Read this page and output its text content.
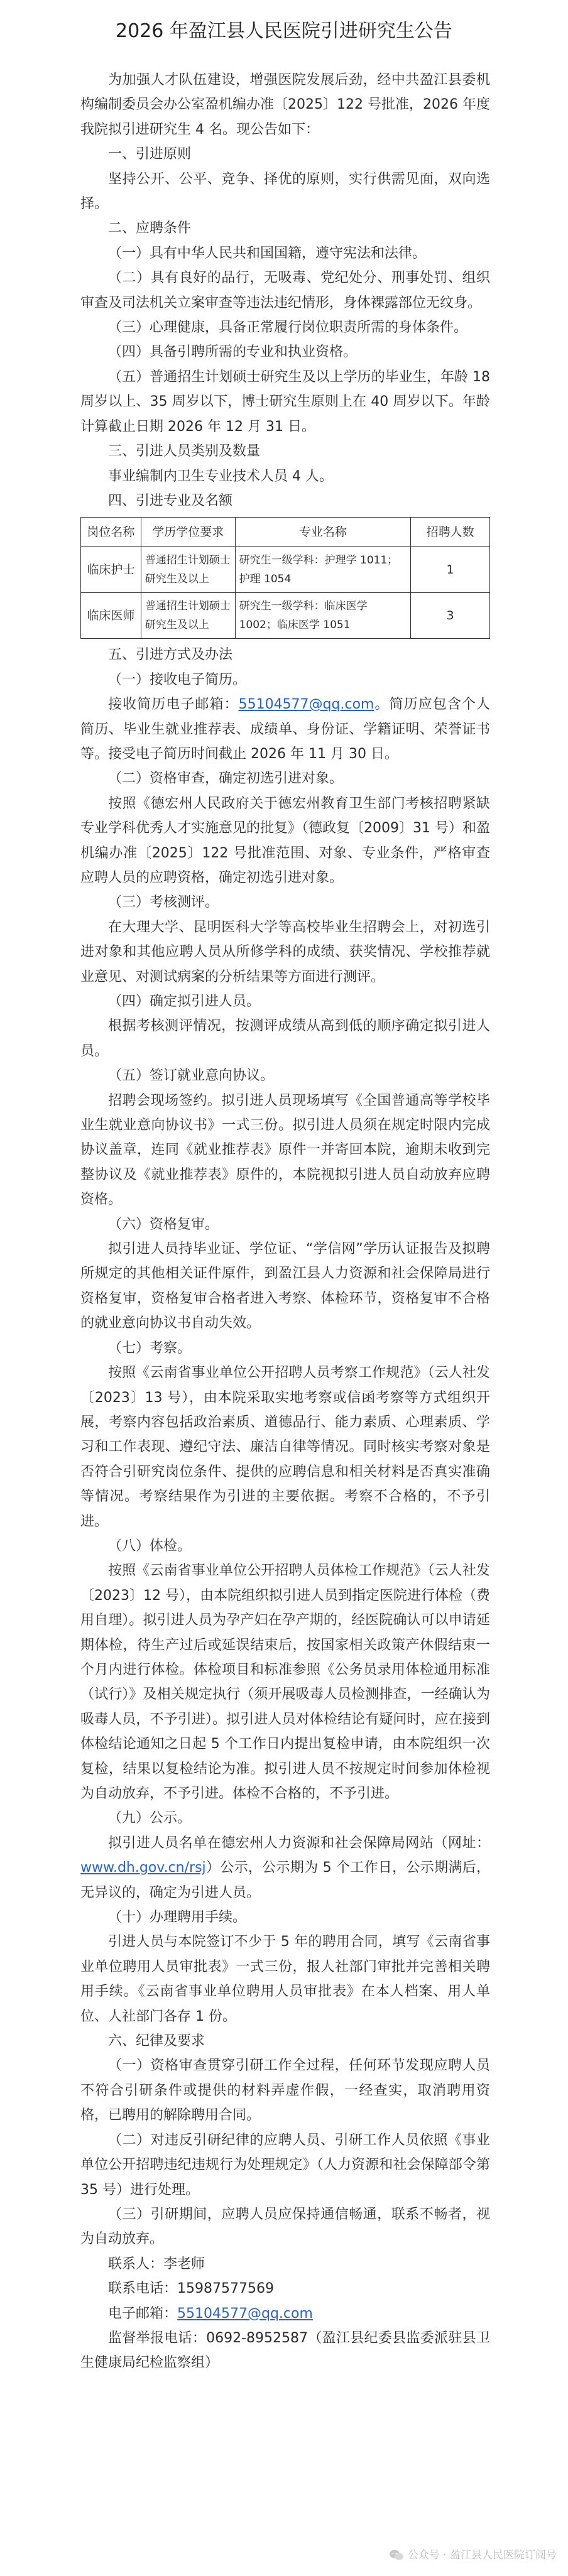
2026 年盈江县人民医院引进研究生公告

为加强人才队伍建设，增强医院发展后劲，经中共盈江县委机构编制委员会办公室盈机编办准〔2025〕122 号批准，2026 年度我院拟引进研究生 4 名。现公告如下：

一、引进原则

坚持公开、公平、竞争、择优的原则，实行供需见面，双向选择。

二、应聘条件

（一）具有中华人民共和国国籍，遵守宪法和法律。

（二）具有良好的品行，无吸毒、党纪处分、刑事处罚、组织审查及司法机关立案审查等违法违纪情形，身体裸露部位无纹身。

（三）心理健康，具备正常履行岗位职责所需的身体条件。

（四）具备引聘所需的专业和执业资格。

（五）普通招生计划硕士研究生及以上学历的毕业生，年龄 18 周岁以上、35 周岁以下，博士研究生原则上在 40 周岁以下。年龄计算截止日期 2026 年 12 月 31 日。

三、引进人员类别及数量

事业编制内卫生专业技术人员 4 人。

四、引进专业及名额

岗位名称	学历学位要求	专业名称	招聘人数
临床护士	普通招生计划硕士研究生及以上	研究生一级学科：护理学 1011；护理 1054	1
临床医师	普通招生计划硕士研究生及以上	研究生一级学科：临床医学 1002；临床医学 1051	3

五、引进方式及办法

（一）接收电子简历。

接收简历电子邮箱：55104577@qq.com。简历应包含个人简历、毕业生就业推荐表、成绩单、身份证、学籍证明、荣誉证书等。接受电子简历时间截止 2026 年 11 月 30 日。

（二）资格审查，确定初选引进对象。

按照《德宏州人民政府关于德宏州教育卫生部门考核招聘紧缺专业学科优秀人才实施意见的批复》（德政复〔2009〕31 号）和盈机编办准〔2025〕122 号批准范围、对象、专业条件，严格审查应聘人员的应聘资格，确定初选引进对象。

（三）考核测评。

在大理大学、昆明医科大学等高校毕业生招聘会上，对初选引进对象和其他应聘人员从所修学科的成绩、获奖情况、学校推荐就业意见、对测试病案的分析结果等方面进行测评。

（四）确定拟引进人员。

根据考核测评情况，按测评成绩从高到低的顺序确定拟引进人员。

（五）签订就业意向协议。

招聘会现场签约。拟引进人员现场填写《全国普通高等学校毕业生就业意向协议书》一式三份。拟引进人员须在规定时限内完成协议盖章，连同《就业推荐表》原件一并寄回本院，逾期未收到完整协议及《就业推荐表》原件的，本院视拟引进人员自动放弃应聘资格。

（六）资格复审。

拟引进人员持毕业证、学位证、“学信网”学历认证报告及拟聘所规定的其他相关证件原件，到盈江县人力资源和社会保障局进行资格复审，资格复审合格者进入考察、体检环节，资格复审不合格的就业意向协议书自动失效。

（七）考察。

按照《云南省事业单位公开招聘人员考察工作规范》（云人社发〔2023〕13 号），由本院采取实地考察或信函考察等方式组织开展，考察内容包括政治素质、道德品行、能力素质、心理素质、学习和工作表现、遵纪守法、廉洁自律等情况。同时核实考察对象是否符合引研究岗位条件、提供的应聘信息和相关材料是否真实准确等情况。考察结果作为引进的主要依据。考察不合格的，不予引进。

（八）体检。

按照《云南省事业单位公开招聘人员体检工作规范》（云人社发〔2023〕12 号），由本院组织拟引进人员到指定医院进行体检（费用自理）。拟引进人员为孕产妇在孕产期的，经医院确认可以申请延期体检，待生产过后或延误结束后，按国家相关政策产休假结束一个月内进行体检。体检项目和标准参照《公务员录用体检通用标准（试行）》及相关规定执行（须开展吸毒人员检测排查，一经确认为吸毒人员，不予引进）。拟引进人员对体检结论有疑问时，应在接到体检结论通知之日起 5 个工作日内提出复检申请，由本院组织一次复检，结果以复检结论为准。拟引进人员不按规定时间参加体检视为自动放弃，不予引进。体检不合格的，不予引进。

（九）公示。

拟引进人员名单在德宏州人力资源和社会保障局网站（网址：www.dh.gov.cn/rsj）公示，公示期为 5 个工作日，公示期满后，无异议的，确定为引进人员。

（十）办理聘用手续。

引进人员与本院签订不少于 5 年的聘用合同，填写《云南省事业单位聘用人员审批表》一式三份，报人社部门审批并完善相关聘用手续。《云南省事业单位聘用人员审批表》在本人档案、用人单位、人社部门各存 1 份。

六、纪律及要求

（一）资格审查贯穿引研工作全过程，任何环节发现应聘人员不符合引研条件或提供的材料弄虚作假，一经查实，取消聘用资格，已聘用的解除聘用合同。

（二）对违反引研纪律的应聘人员、引研工作人员依照《事业单位公开招聘违纪违规行为处理规定》（人力资源和社会保障部令第 35 号）进行处理。

（三）引研期间，应聘人员应保持通信畅通，联系不畅者，视为自动放弃。

联系人：李老师

联系电话：15987577569

电子邮箱：55104577@qq.com

监督举报电话：0692-8952587（盈江县纪委县监委派驻县卫生健康局纪检监察组）

公众号 · 盈江县人民医院订阅号
